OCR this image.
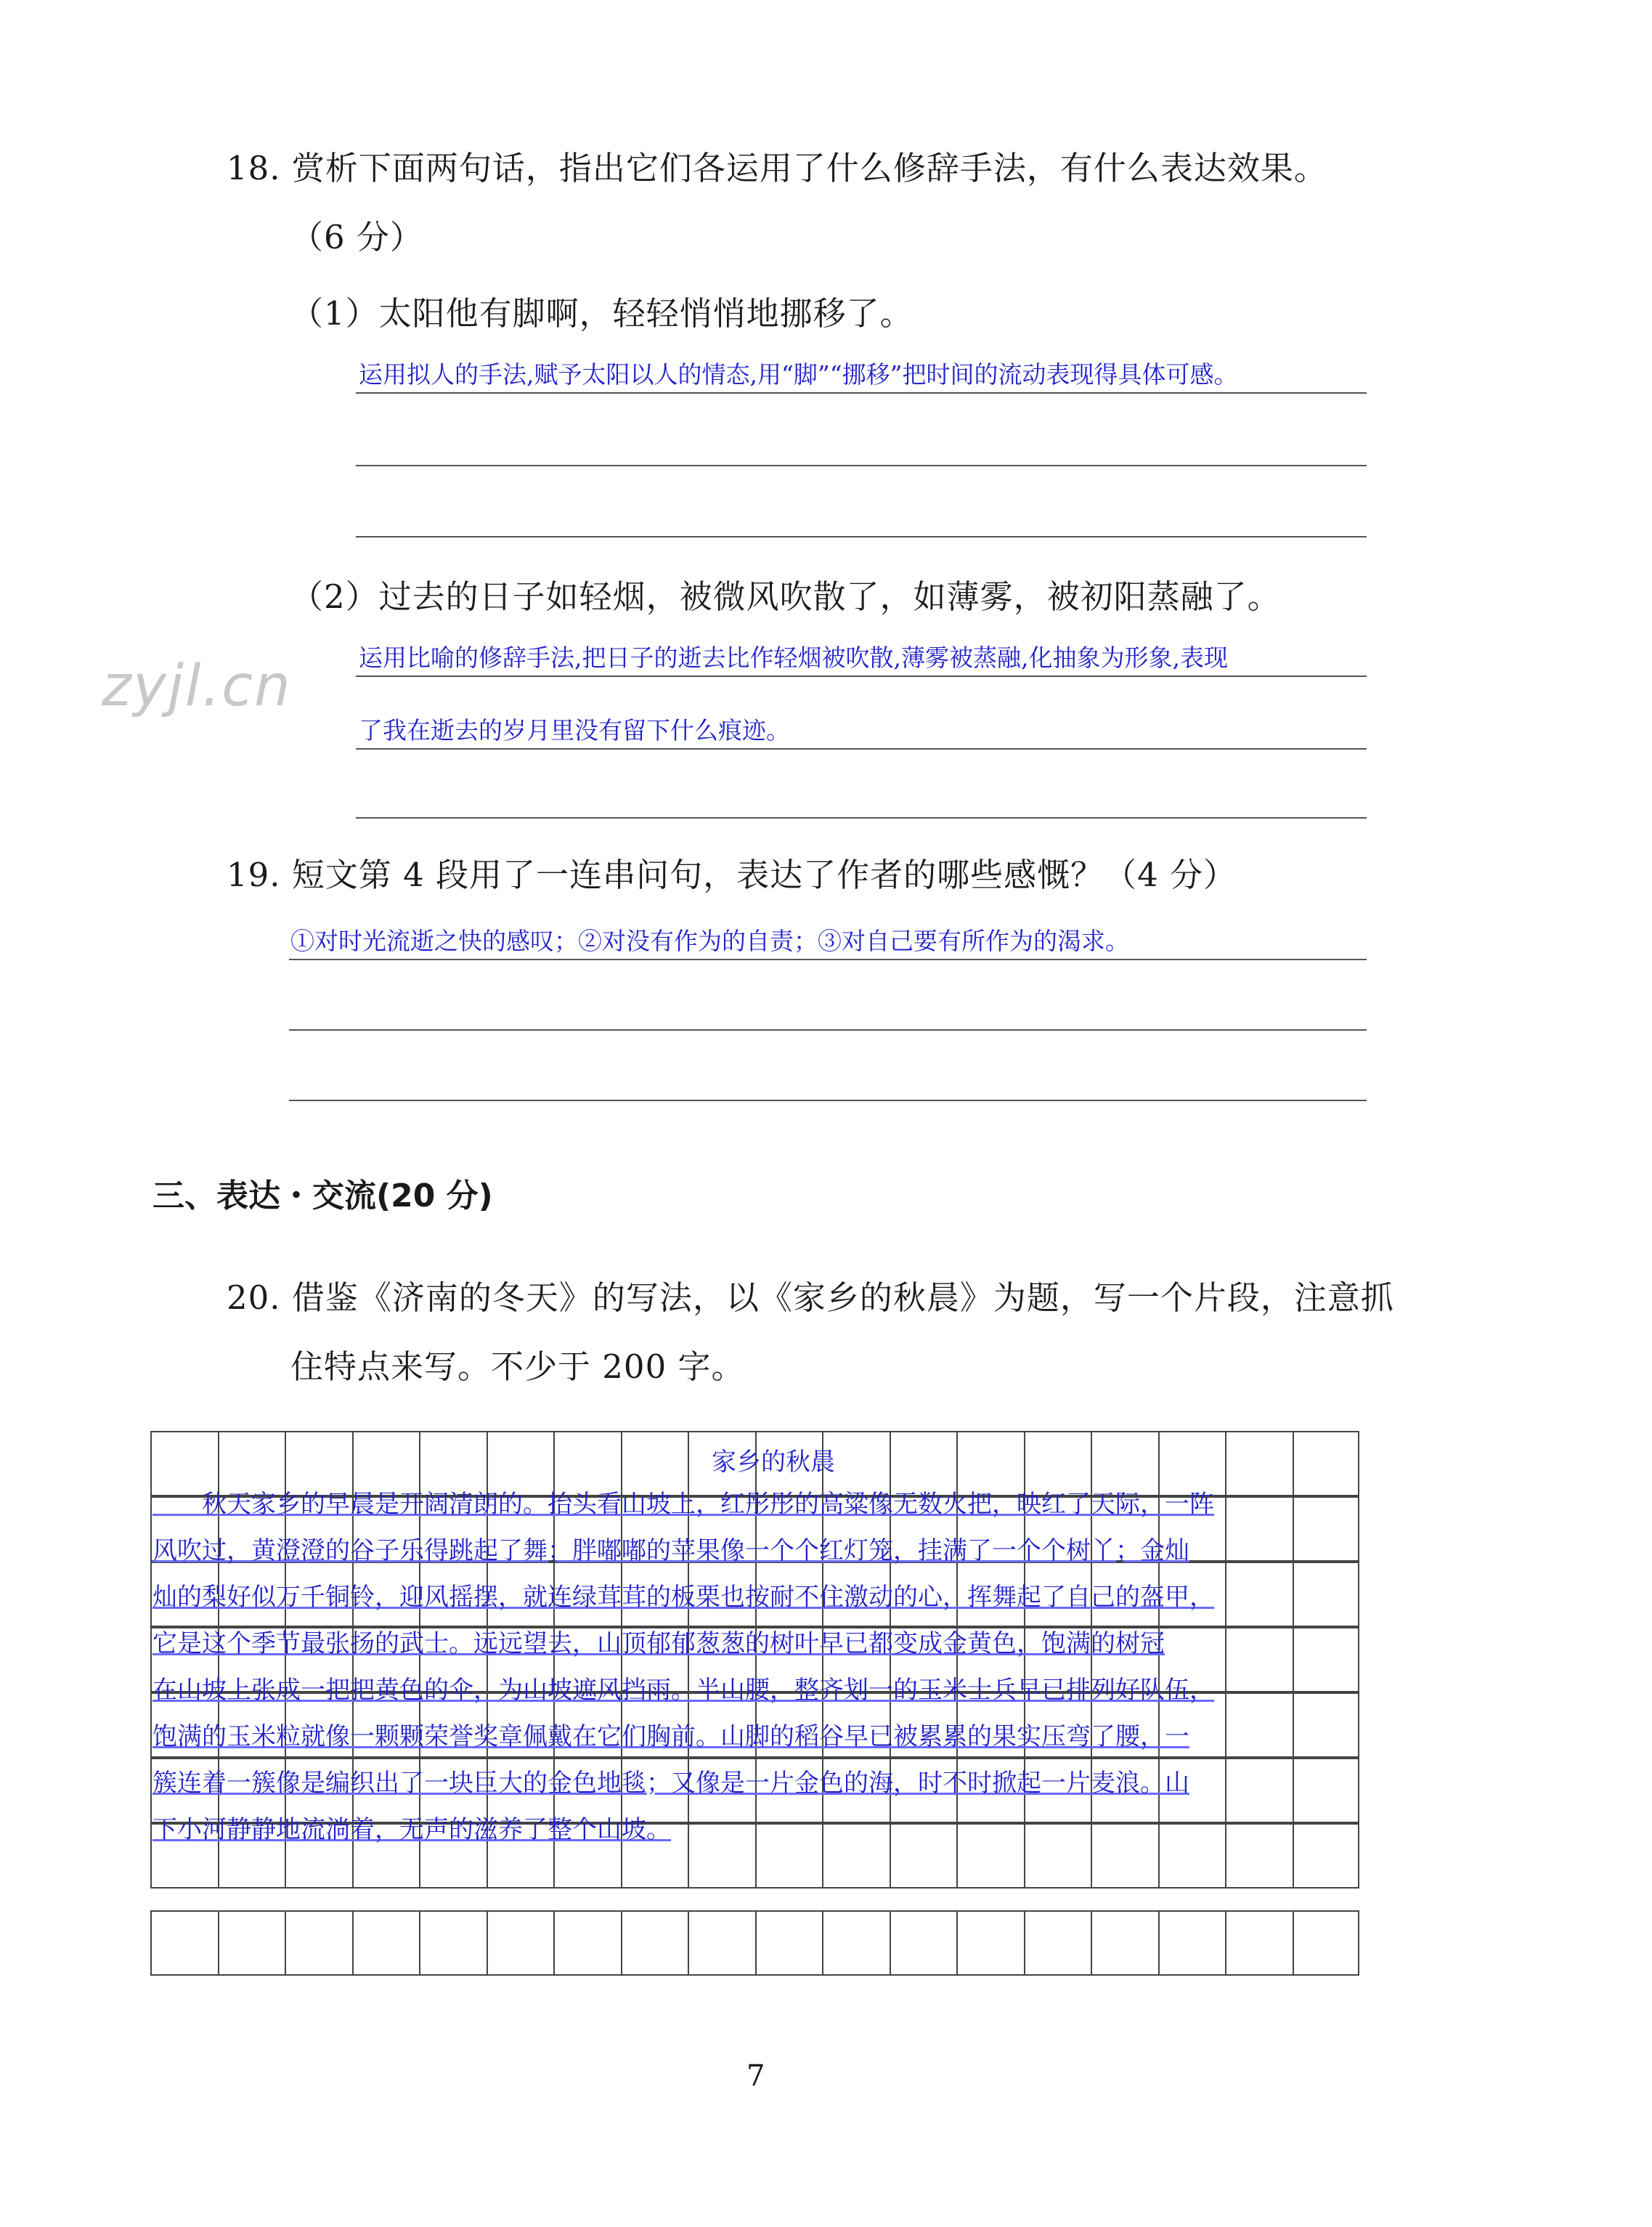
18. 赏析下面两句话，指出它们各运用了什么修辞手法，有什么表达效果。
（6 分）
（1）太阳他有脚啊，轻轻悄悄地挪移了。
运用拟人的手法,赋予太阳以人的情态,用“脚”“挪移”把时间的流动表现得具体可感。
（2）过去的日子如轻烟，被微风吹散了，如薄雾，被初阳蒸融了。
运用比喻的修辞手法,把日子的逝去比作轻烟被吹散,薄雾被蒸融,化抽象为形象,表现
了我在逝去的岁月里没有留下什么痕迹。
zyjl.cn
19. 短文第 4 段用了一连串问句，表达了作者的哪些感慨？（4 分）
①对时光流逝之快的感叹；②对没有作为的自责；③对自己要有所作为的渴求。
三、表达・交流(20 分)
20. 借鉴《济南的冬天》的写法，以《家乡的秋晨》为题，写一个片段，注意抓
住特点来写。不少于 200 字。
家乡的秋晨
　　秋天家乡的早晨是开阔清朗的。抬头看山坡上，红彤彤的高粱像无数火把，映红了天际，一阵
风吹过，黄澄澄的谷子乐得跳起了舞；胖嘟嘟的苹果像一个个红灯笼，挂满了一个个树丫；金灿
灿的梨好似万千铜铃，迎风摇摆，就连绿茸茸的板栗也按耐不住激动的心，挥舞起了自己的盔甲，
它是这个季节最张扬的武士。远远望去，山顶郁郁葱葱的树叶早已都变成金黄色，饱满的树冠
在山坡上张成一把把黄色的伞，为山坡遮风挡雨。半山腰，整齐划一的玉米士兵早已排列好队伍，
饱满的玉米粒就像一颗颗荣誉奖章佩戴在它们胸前。山脚的稻谷早已被累累的果实压弯了腰，一
簇连着一簇像是编织出了一块巨大的金色地毯；又像是一片金色的海，时不时掀起一片麦浪。山
下小河静静地流淌着，无声的滋养了整个山坡。
7
